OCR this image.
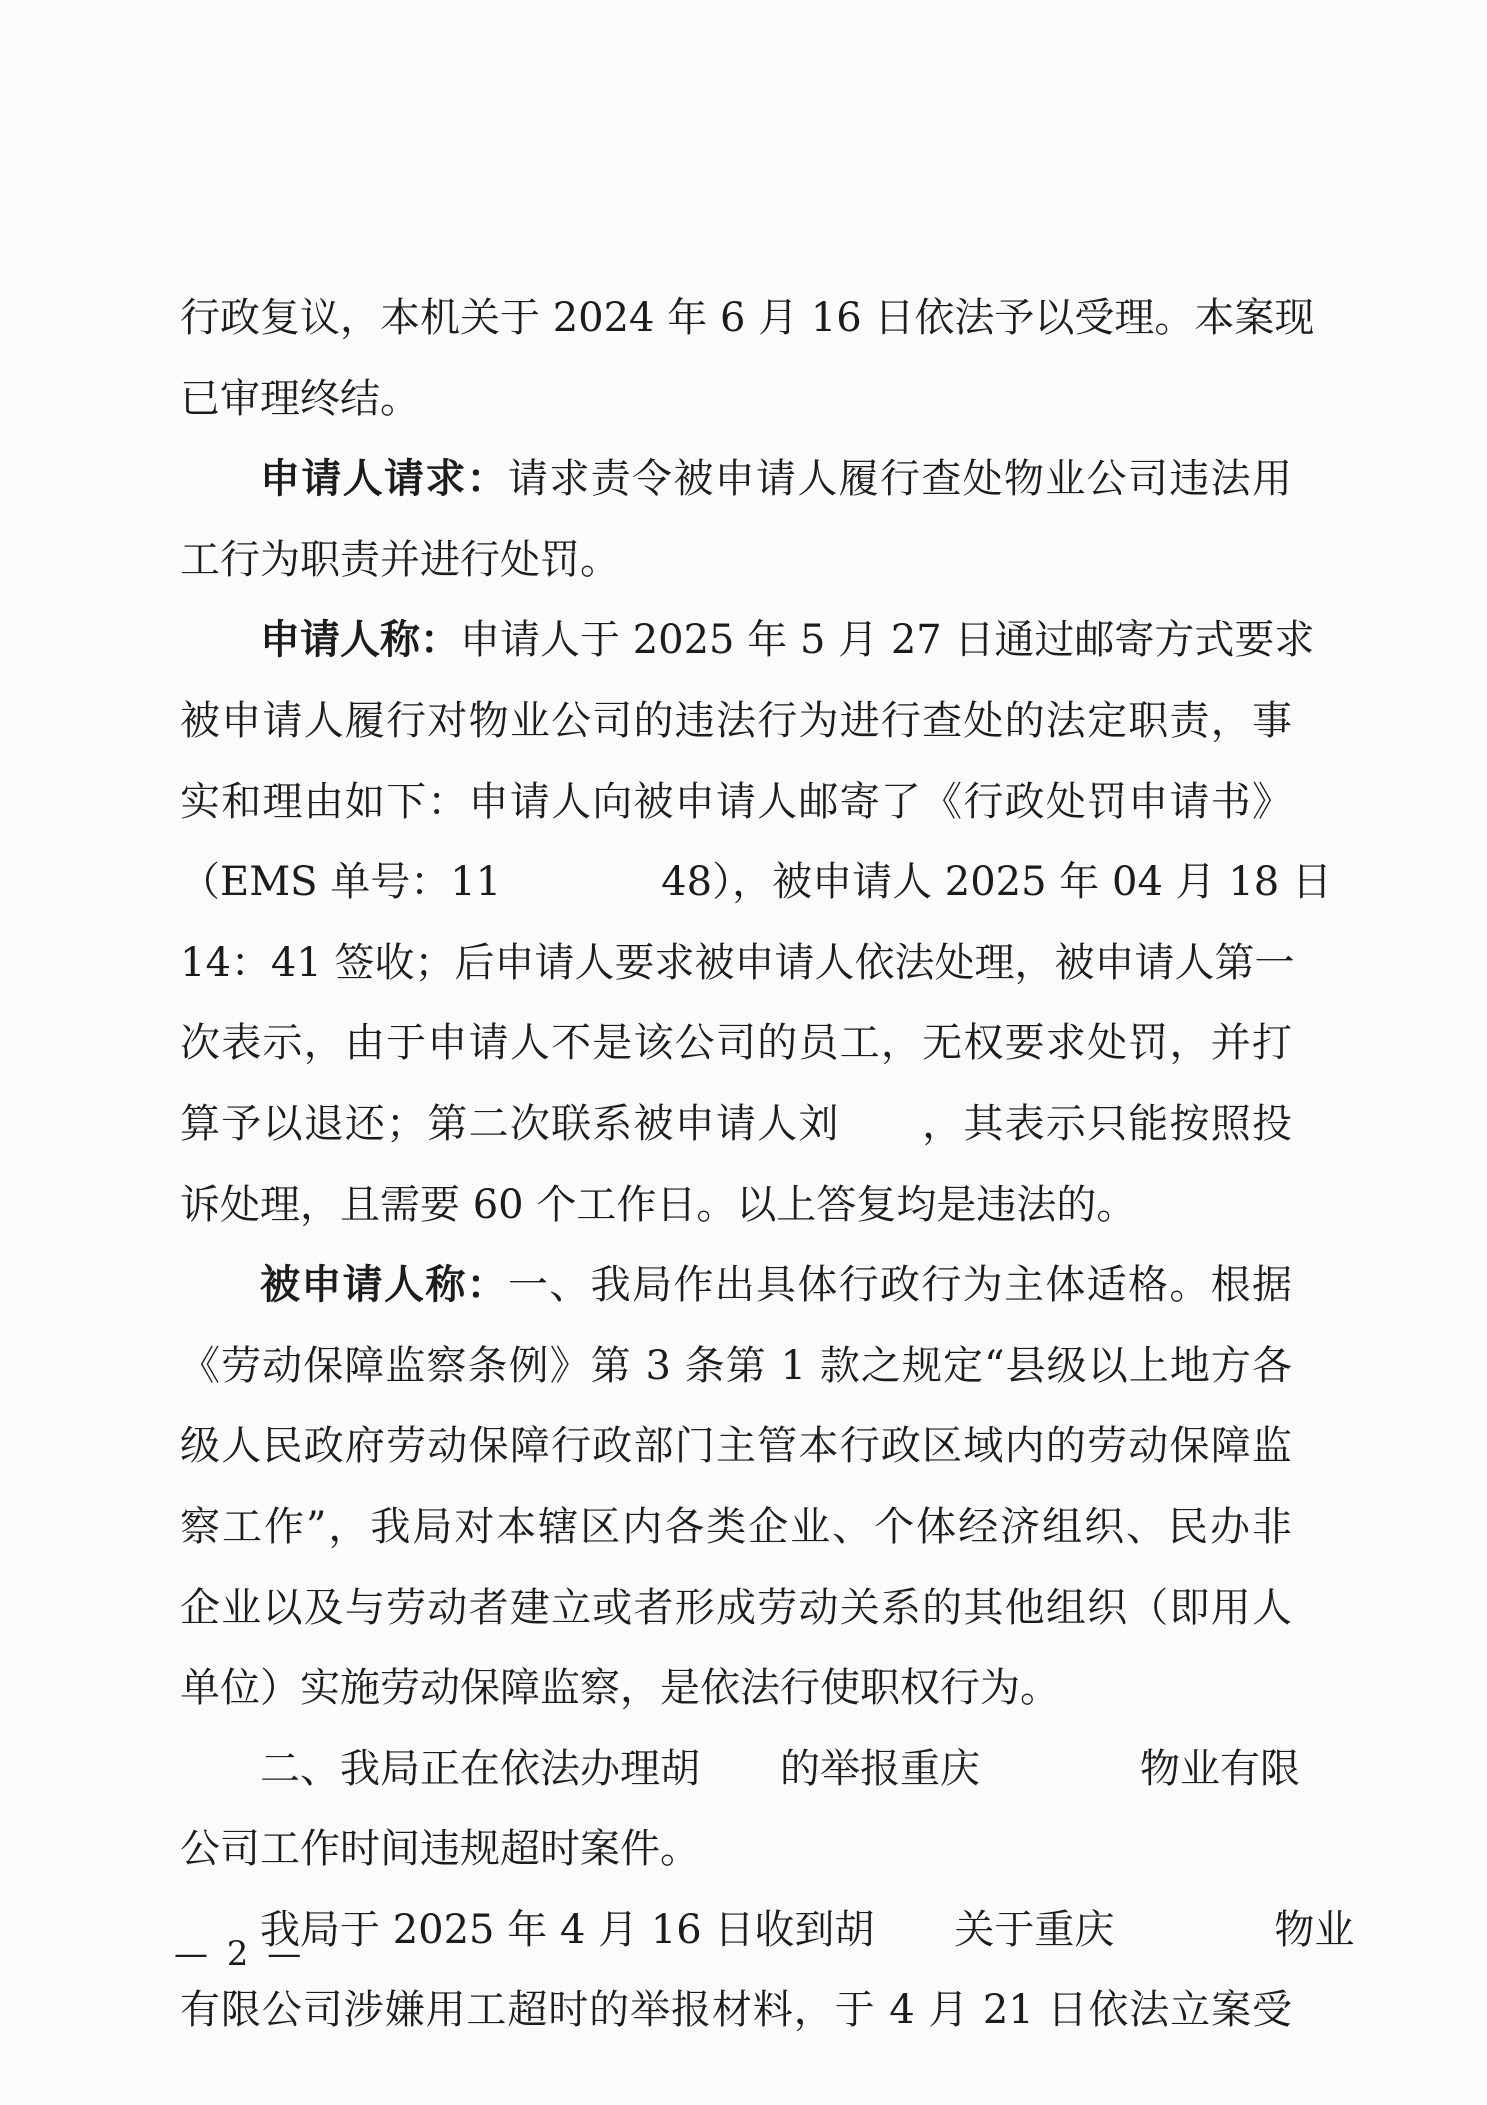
行政复议，本机关于 2024 年 6 月 16 日依法予以受理。本案现
已审理终结。
申请人请求：请求责令被申请人履行查处物业公司违法用
工行为职责并进行处罚。
申请人称：申请人于 2025 年 5 月 27 日通过邮寄方式要求
被申请人履行对物业公司的违法行为进行查处的法定职责，事
实和理由如下：申请人向被申请人邮寄了《行政处罚申请书》
（EMS 单号：11　　　　48），被申请人 2025 年 04 月 18 日
14：41 签收；后申请人要求被申请人依法处理，被申请人第一
次表示，由于申请人不是该公司的员工，无权要求处罚，并打
算予以退还；第二次联系被申请人刘　　，其表示只能按照投
诉处理，且需要 60 个工作日。以上答复均是违法的。
被申请人称：一、我局作出具体行政行为主体适格。根据
《劳动保障监察条例》第 3 条第 1 款之规定“县级以上地方各
级人民政府劳动保障行政部门主管本行政区域内的劳动保障监
察工作”，我局对本辖区内各类企业、个体经济组织、民办非
企业以及与劳动者建立或者形成劳动关系的其他组织（即用人
单位）实施劳动保障监察，是依法行使职权行为。
二、我局正在依法办理胡　　的举报重庆　　　　物业有限
公司工作时间违规超时案件。
我局于 2025 年 4 月 16 日收到胡　　关于重庆　　　　物业
有限公司涉嫌用工超时的举报材料，于 4 月 21 日依法立案受
— 2 —
